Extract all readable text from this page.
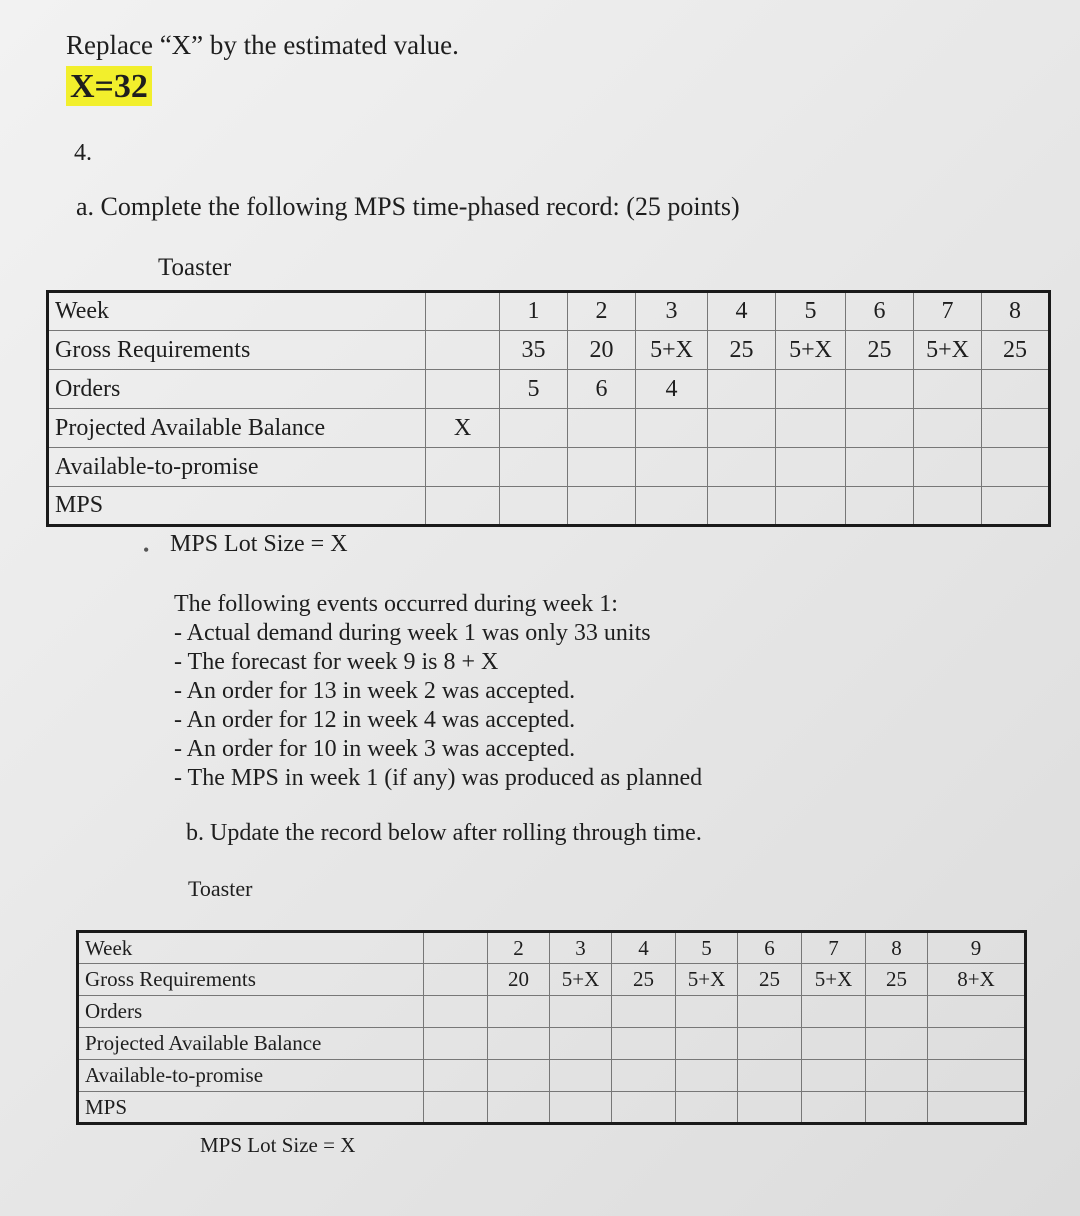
Replace “X” by the estimated value.
X=32
4.
a. Complete the following MPS time-phased record: (25 points)
Toaster
Week		1	2	3	4	5	6	7	8
Gross Requirements		35	20	5+X	25	5+X	25	5+X	25
Orders		5	6	4					
Projected Available Balance	X								
Available-to-promise									
MPS									
• MPS Lot Size = X
The following events occurred during week 1:
- Actual demand during week 1 was only 33 units
- The forecast for week 9 is 8 + X
- An order for 13 in week 2 was accepted.
- An order for 12 in week 4 was accepted.
- An order for 10 in week 3 was accepted.
- The MPS in week 1 (if any) was produced as planned
b. Update the record below after rolling through time.
Toaster
Week		2	3	4	5	6	7	8	9
Gross Requirements		20	5+X	25	5+X	25	5+X	25	8+X
Orders									
Projected Available Balance									
Available-to-promise									
MPS									
MPS Lot Size = X
